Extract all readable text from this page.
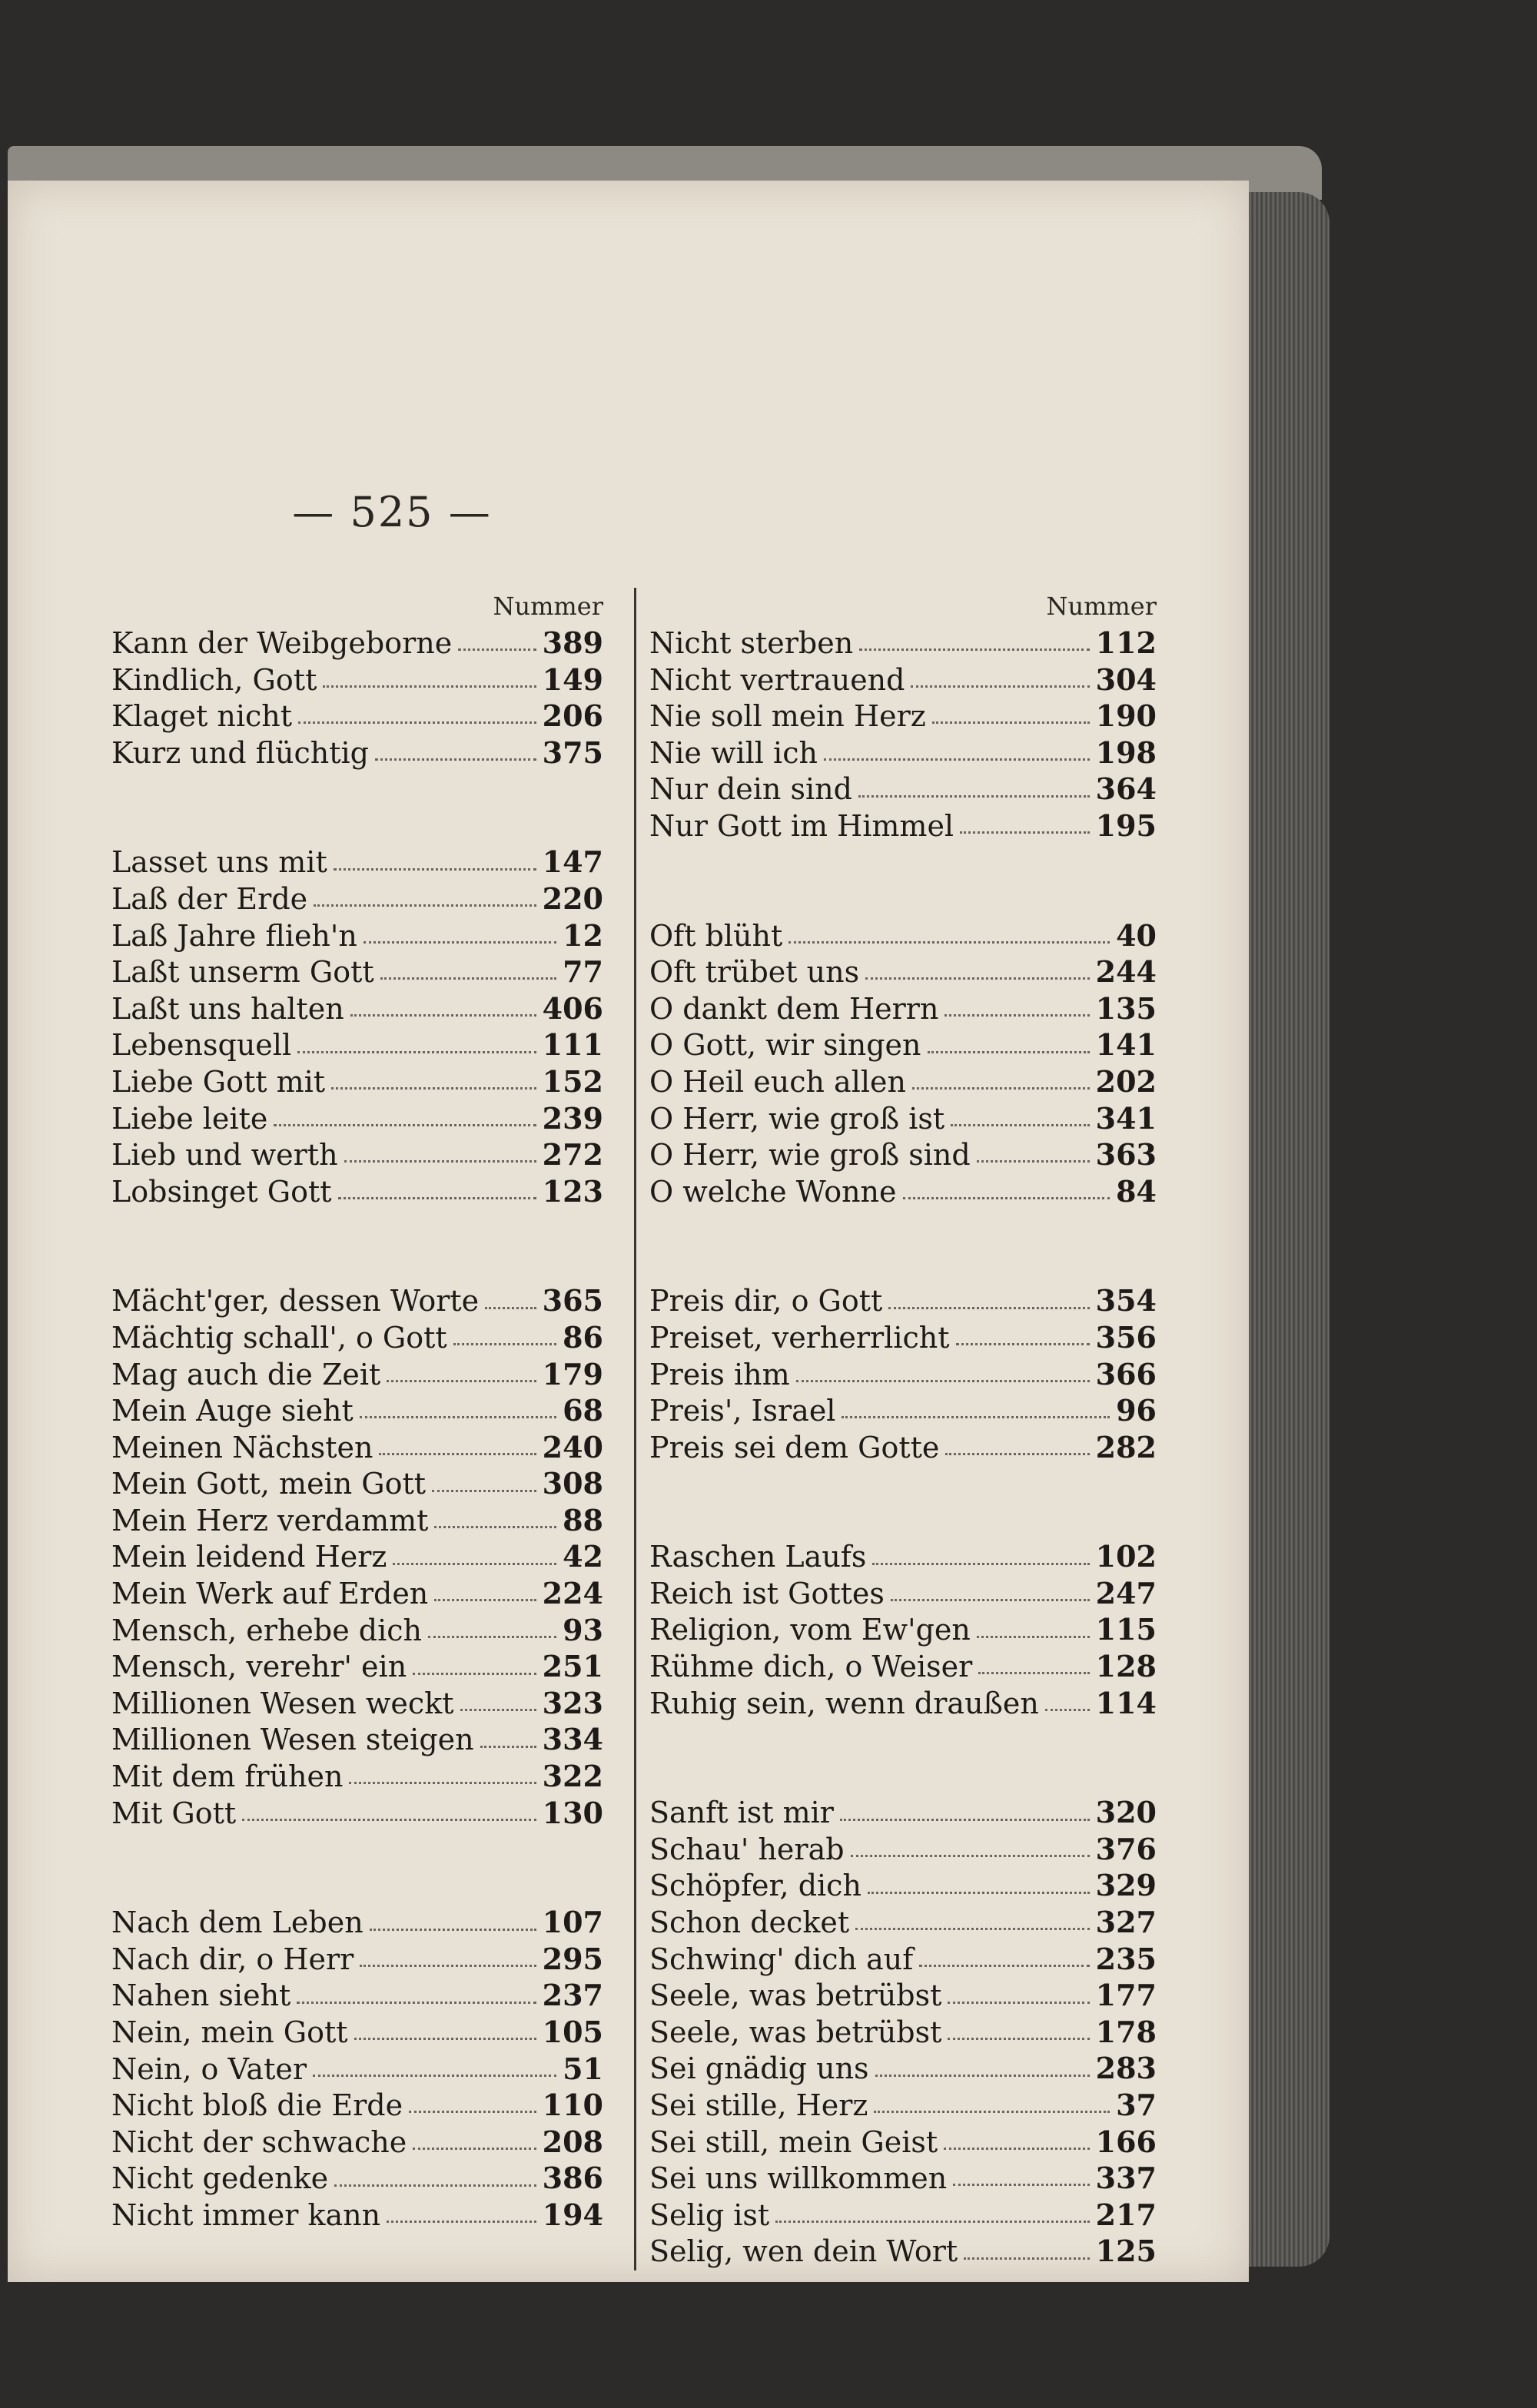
— 525 —
Nummer
Kann der Weibgeborne	389
Kindlich, Gott	149
Klaget nicht	206
Kurz und flüchtig	375
Lasset uns mit	147
Laß der Erde	220
Laß Jahre flieh'n	12
Laßt unserm Gott	77
Laßt uns halten	406
Lebensquell	111
Liebe Gott mit	152
Liebe leite	239
Lieb und werth	272
Lobsinget Gott	123
Mächt'ger, dessen Worte 365
Mächtig schall', o Gott	86
Mag auch die Zeit	179
Mein Auge sieht	68
Meinen Nächsten	240
Mein Gott, mein Gott	308
Mein Herz verdammt	88
Mein leidend Herz	42
Mein Werk auf Erden	224
Mensch, erhebe dich	93
Mensch, verehr' ein	251
Millionen Wesen weckt	323
Millionen Wesen steigen 334
Mit dem frühen	322
Mit Gott	130
Nach dem Leben	107
Nach dir, o Herr	295
Nahen sieht	237
Nein, mein Gott	105
Nein, o Vater	51
Nicht bloß die Erde	110
Nicht der schwache	208
Nicht gedenke	386
Nicht immer kann	194
Nummer
Nicht sterben	112
Nicht vertrauend	304
Nie soll mein Herz	190
Nie will ich	198
Nur dein sind	364
Nur Gott im Himmel	195
Oft blüht	40
Oft trübet uns	244
O dankt dem Herrn	135
O Gott, wir singen	141
O Heil euch allen	202
O Herr, wie groß ist	341
O Herr, wie groß sind	363
O welche Wonne	84
Preis dir, o Gott	354
Preiset, verherrlicht	356
Preis ihm	366
Preis', Israel	96
Preis sei dem Gotte	282
Raschen Laufs	102
Reich ist Gottes	247
Religion, vom Ew'gen	115
Rühme dich, o Weiser	128
Ruhig sein, wenn draußen 114
Sanft ist mir	320
Schau' herab	376
Schöpfer, dich	329
Schon decket	327
Schwing' dich auf	235
Seele, was betrübst	177
Seele, was betrübst	178
Sei gnädig uns	283
Sei stille, Herz	37
Sei still, mein Geist	166
Sei uns willkommen	337
Selig ist	217
Selig, wen dein Wort	125
